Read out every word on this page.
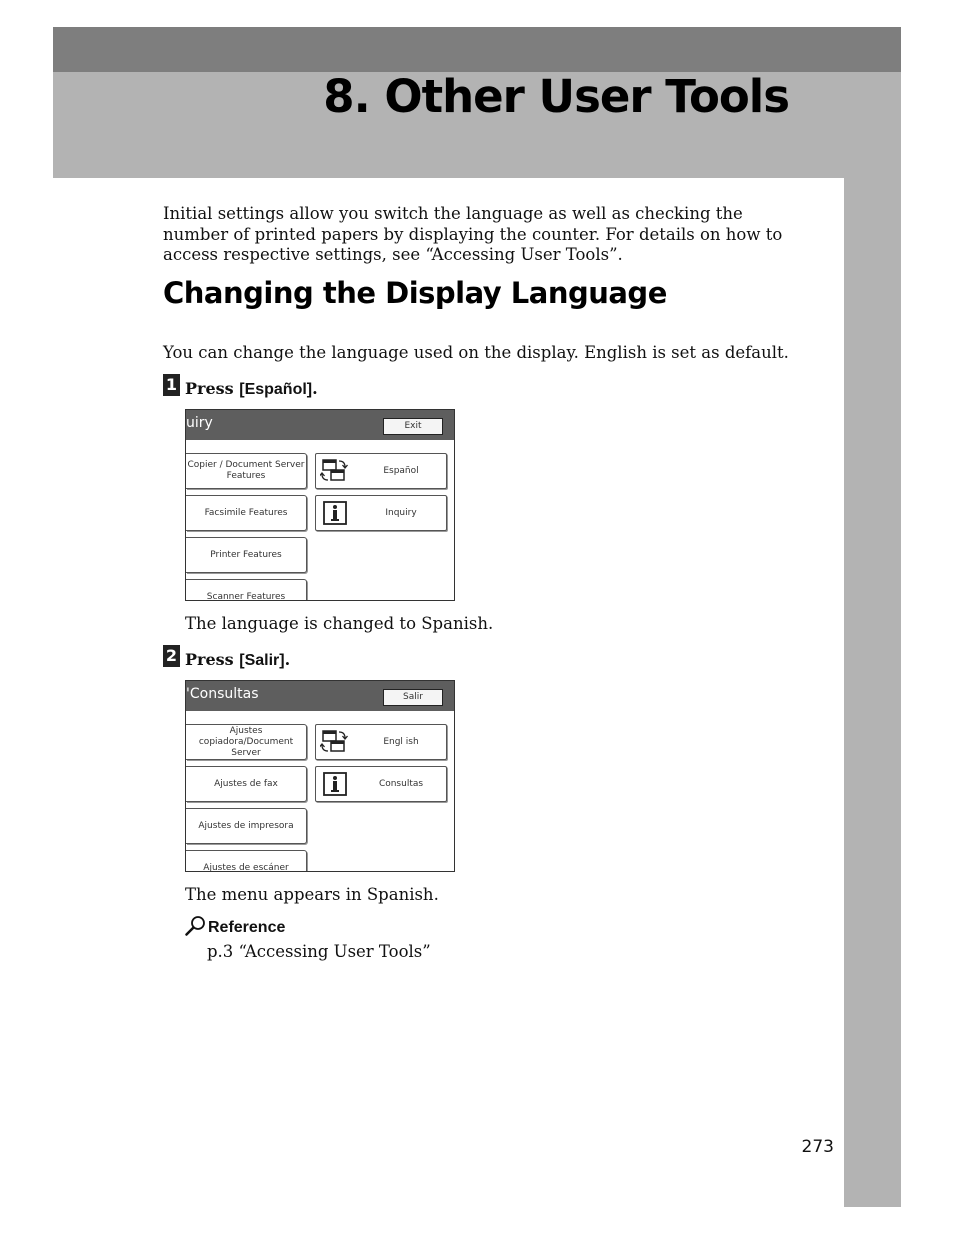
8. Other User Tools

Initial settings allow you switch the language as well as checking the number of printed papers by displaying the counter. For details on how to access respective settings, see “Accessing User Tools”.

Changing the Display Language

You can change the language used on the display. English is set as default.

1 Press [Español].
uiry	Exit
Copier / Document Server Features
Facsimile Features
Printer Features
Scanner Features
Español
Inquiry

The language is changed to Spanish.

2 Press [Salir].
'Consultas	Salir
Ajustes copiadora/Document Server
Ajustes de fax
Ajustes de impresora
Ajustes de escáner
Engl ish
Consultas

The menu appears in Spanish.

Reference
p.3 “Accessing User Tools”
273
